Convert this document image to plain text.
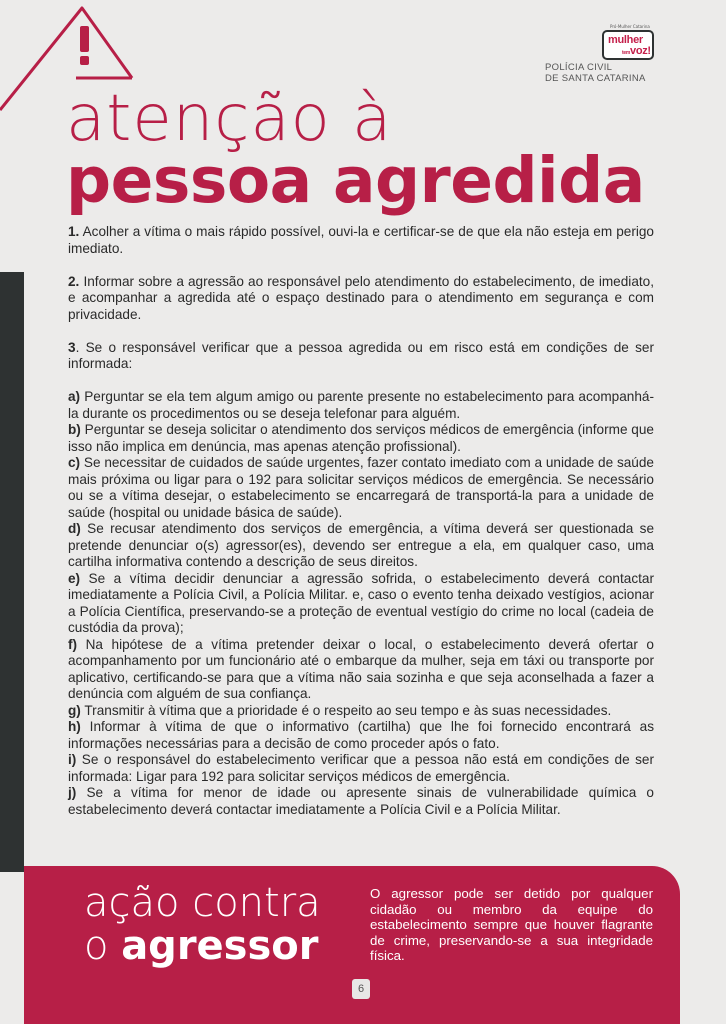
Pró-Mulher Catarina
mulher
temvoz!
POLÍCIA CIVIL
DE SANTA CATARINA
atenção à
pessoa agredida

1. Acolher a vítima o mais rápido possível, ouvi-la e certificar-se de que ela não esteja em perigo imediato.

2. Informar sobre a agressão ao responsável pelo atendimento do estabelecimento, de imediato, e acompanhar a agredida até o espaço destinado para o atendimento em segurança e com privacidade.

3. Se o responsável verificar que a pessoa agredida ou em risco está em condições de ser informada:

a) Perguntar se ela tem algum amigo ou parente presente no estabelecimento para acompanhá-la durante os procedimentos ou se deseja telefonar para alguém.

b) Perguntar se deseja solicitar o atendimento dos serviços médicos de emergência (informe que isso não implica em denúncia, mas apenas atenção profissional).

c) Se necessitar de cuidados de saúde urgentes, fazer contato imediato com a unidade de saúde mais próxima ou ligar para o 192 para solicitar serviços médicos de emergência. Se necessário ou se a vítima desejar, o estabelecimento se encarregará de transportá-la para a unidade de saúde (hospital ou unidade básica de saúde).

d) Se recusar atendimento dos serviços de emergência, a vítima deverá ser questionada se pretende denunciar o(s) agressor(es), devendo ser entregue a ela, em qualquer caso, uma cartilha informativa contendo a descrição de seus direitos.

e) Se a vítima decidir denunciar a agressão sofrida, o estabelecimento deverá contactar imediatamente a Polícia Civil, a Polícia Militar. e, caso o evento tenha deixado vestígios, acionar a Polícia Científica, preservando-se a proteção de eventual vestígio do crime no local (cadeia de custódia da prova);

f) Na hipótese de a vítima pretender deixar o local, o estabelecimento deverá ofertar o acompanhamento por um funcionário até o embarque da mulher, seja em táxi ou transporte por aplicativo, certificando-se para que a vítima não saia sozinha e que seja aconselhada a fazer a denúncia com alguém de sua confiança.

g) Transmitir à vítima que a prioridade é o respeito ao seu tempo e às suas necessidades.

h) Informar à vítima de que o informativo (cartilha) que lhe foi fornecido encontrará as informações necessárias para a decisão de como proceder após o fato.

i) Se o responsável do estabelecimento verificar que a pessoa não está em condições de ser informada: Ligar para 192 para solicitar serviços médicos de emergência.

j) Se a vítima for menor de idade ou apresente sinais de vulnerabilidade química o estabelecimento deverá contactar imediatamente a Polícia Civil e a Polícia Militar.

ação contra
o agressor
O agressor pode ser detido por qualquer cidadão ou membro da equipe do estabelecimento sempre que houver flagrante de crime, preservando-se a sua integridade física.
6
